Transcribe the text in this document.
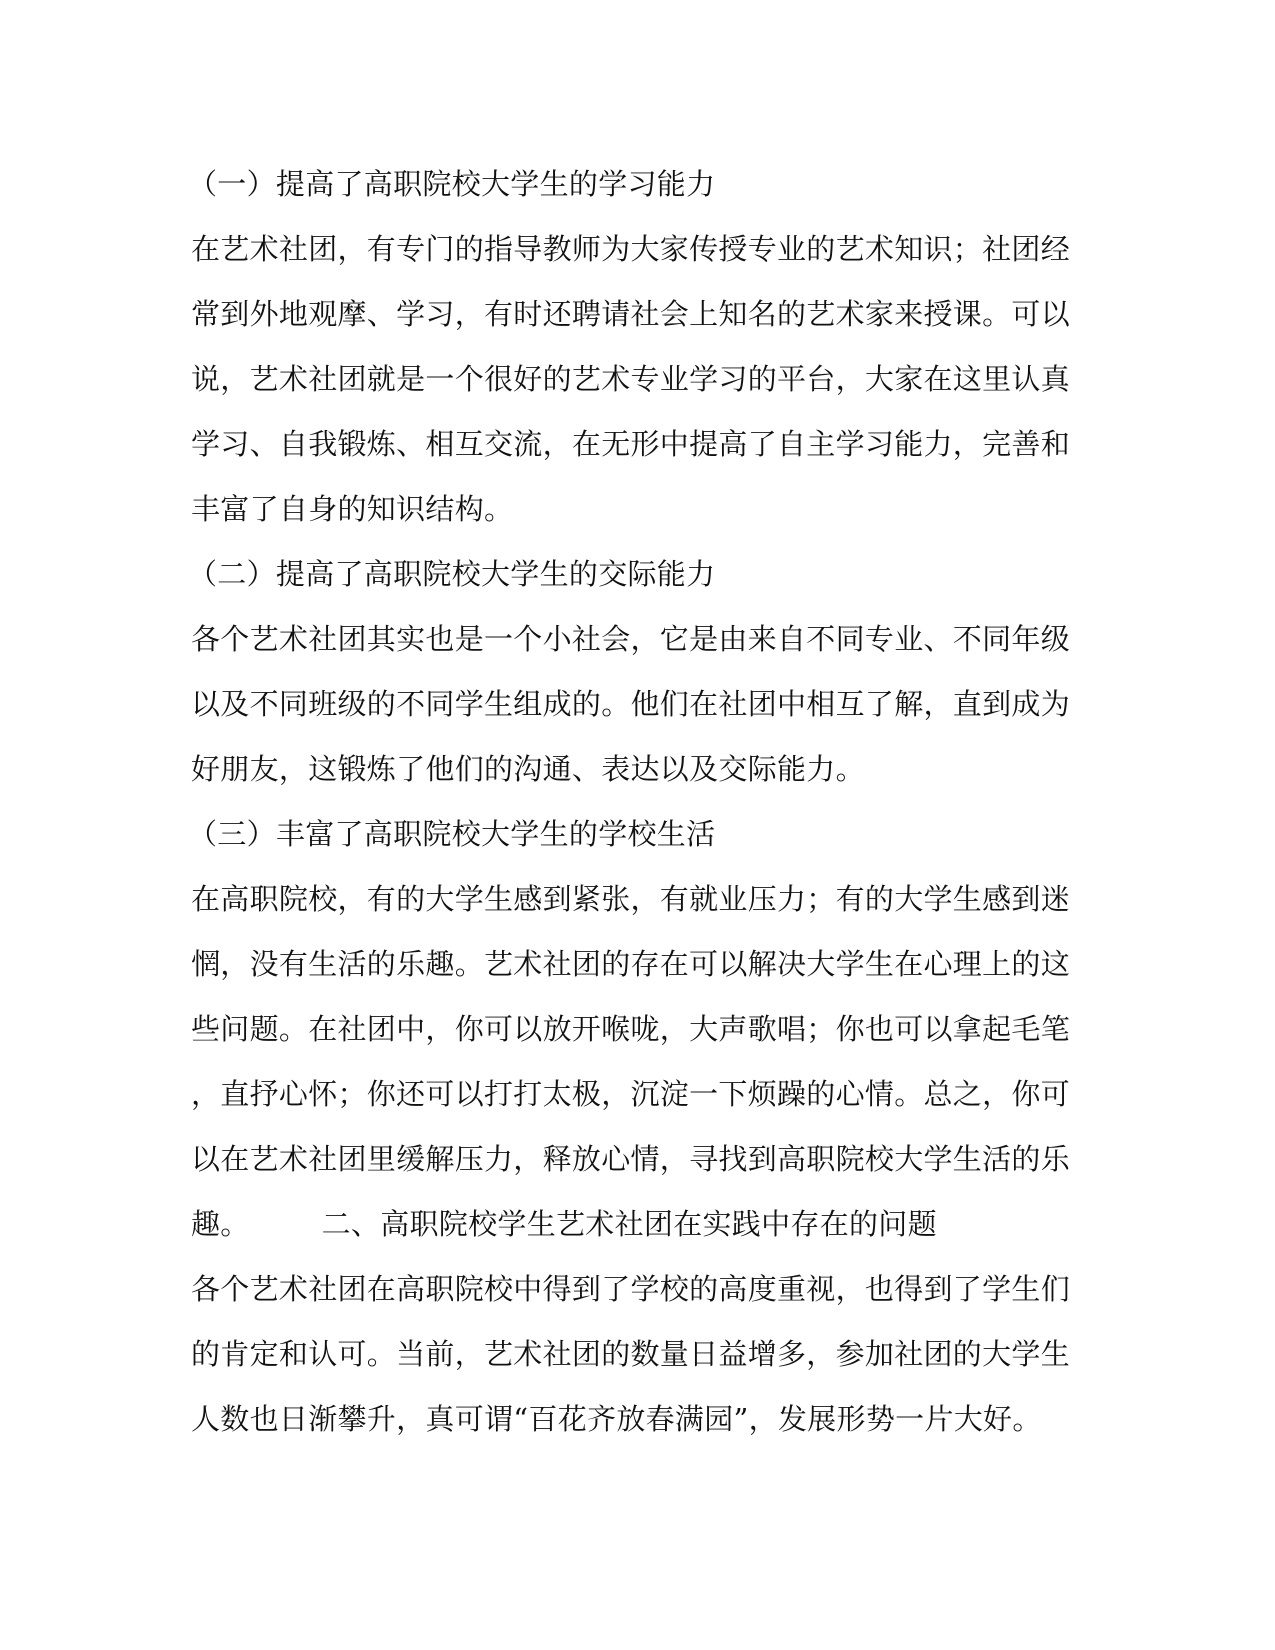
（一）提高了高职院校大学生的学习能力
在艺术社团，有专门的指导教师为大家传授专业的艺术知识；社团经
常到外地观摩、学习，有时还聘请社会上知名的艺术家来授课。可以
说，艺术社团就是一个很好的艺术专业学习的平台，大家在这里认真
学习、自我锻炼、相互交流，在无形中提高了自主学习能力，完善和
丰富了自身的知识结构。
（二）提高了高职院校大学生的交际能力
各个艺术社团其实也是一个小社会，它是由来自不同专业、不同年级
以及不同班级的不同学生组成的。他们在社团中相互了解，直到成为
好朋友，这锻炼了他们的沟通、表达以及交际能力。
（三）丰富了高职院校大学生的学校生活
在高职院校，有的大学生感到紧张，有就业压力；有的大学生感到迷
惘，没有生活的乐趣。艺术社团的存在可以解决大学生在心理上的这
些问题。在社团中，你可以放开喉咙，大声歌唱；你也可以拿起毛笔
，直抒心怀；你还可以打打太极，沉淀一下烦躁的心情。总之，你可
以在艺术社团里缓解压力，释放心情，寻找到高职院校大学生活的乐
趣。 二、高职院校学生艺术社团在实践中存在的问题
各个艺术社团在高职院校中得到了学校的高度重视，也得到了学生们
的肯定和认可。当前，艺术社团的数量日益增多，参加社团的大学生
人数也日渐攀升，真可谓“百花齐放春满园”，发展形势一片大好。
